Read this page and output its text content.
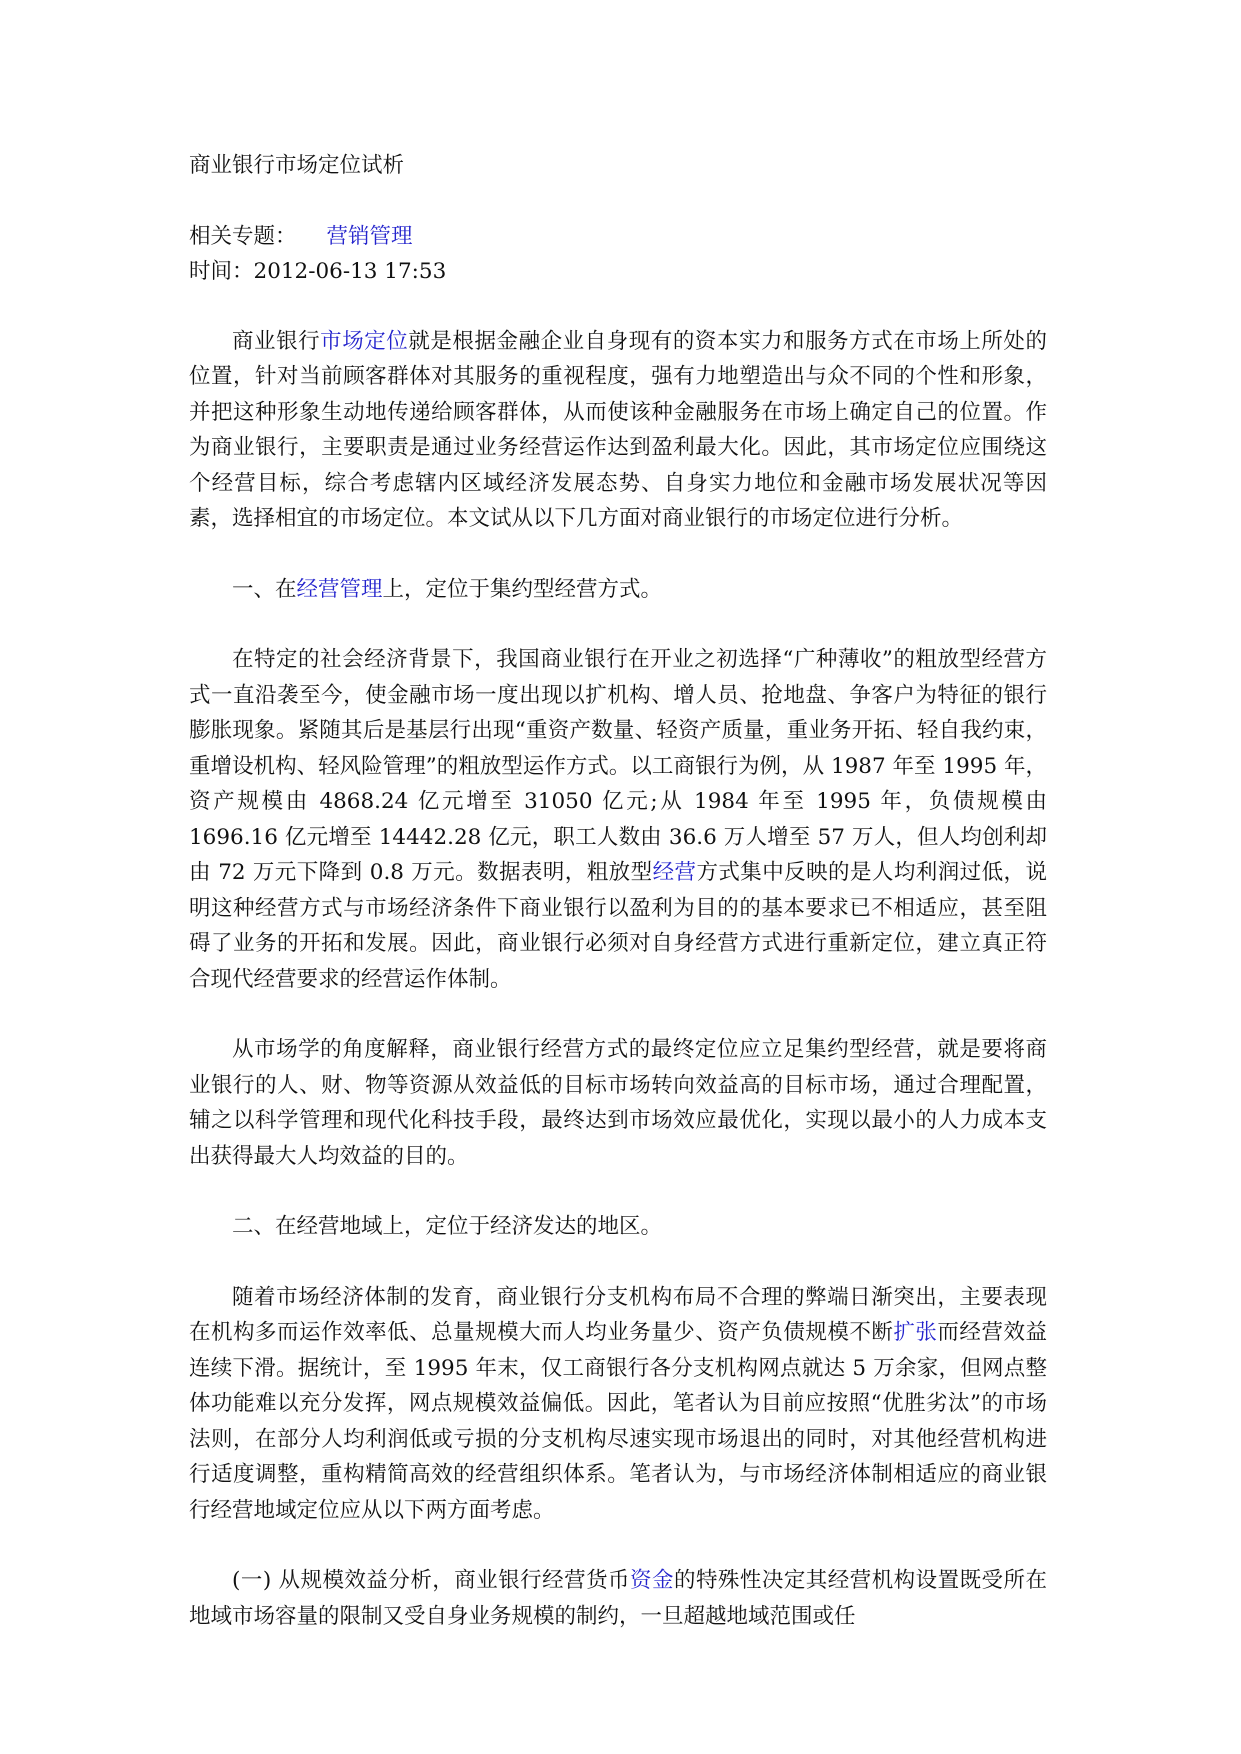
商业银行市场定位试析
相关专题： 营销管理
时间：2012-06-13 17:53

商业银行市场定位就是根据金融企业自身现有的资本实力和服务方式在市场上所处的位置，针对当前顾客群体对其服务的重视程度，强有力地塑造出与众不同的个性和形象，并把这种形象生动地传递给顾客群体，从而使该种金融服务在市场上确定自己的位置。作为商业银行，主要职责是通过业务经营运作达到盈利最大化。因此，其市场定位应围绕这个经营目标，综合考虑辖内区域经济发展态势、自身实力地位和金融市场发展状况等因素，选择相宜的市场定位。本文试从以下几方面对商业银行的市场定位进行分析。

一、在经营管理上，定位于集约型经营方式。

在特定的社会经济背景下，我国商业银行在开业之初选择“广种薄收”的粗放型经营方式一直沿袭至今，使金融市场一度出现以扩机构、增人员、抢地盘、争客户为特征的银行膨胀现象。紧随其后是基层行出现“重资产数量、轻资产质量，重业务开拓、轻自我约束，重增设机构、轻风险管理”的粗放型运作方式。以工商银行为例，从 1987 年至 1995 年，资产规模由 4868.24 亿元增至 31050 亿元;从 1984 年至 1995 年，负债规模由 1696.16 亿元增至 14442.28 亿元，职工人数由 36.6 万人增至 57 万人，但人均创利却由 72 万元下降到 0.8 万元。数据表明，粗放型经营方式集中反映的是人均利润过低，说明这种经营方式与市场经济条件下商业银行以盈利为目的的基本要求已不相适应，甚至阻碍了业务的开拓和发展。因此，商业银行必须对自身经营方式进行重新定位，建立真正符合现代经营要求的经营运作体制。

从市场学的角度解释，商业银行经营方式的最终定位应立足集约型经营，就是要将商业银行的人、财、物等资源从效益低的目标市场转向效益高的目标市场，通过合理配置，辅之以科学管理和现代化科技手段，最终达到市场效应最优化，实现以最小的人力成本支出获得最大人均效益的目的。

二、在经营地域上，定位于经济发达的地区。

随着市场经济体制的发育，商业银行分支机构布局不合理的弊端日渐突出，主要表现在机构多而运作效率低、总量规模大而人均业务量少、资产负债规模不断扩张而经营效益连续下滑。据统计，至 1995 年末，仅工商银行各分支机构网点就达 5 万余家，但网点整体功能难以充分发挥，网点规模效益偏低。因此，笔者认为目前应按照“优胜劣汰”的市场法则，在部分人均利润低或亏损的分支机构尽速实现市场退出的同时，对其他经营机构进行适度调整，重构精简高效的经营组织体系。笔者认为，与市场经济体制相适应的商业银行经营地域定位应从以下两方面考虑。

(一) 从规模效益分析，商业银行经营货币资金的特殊性决定其经营机构设置既受所在地域市场容量的限制又受自身业务规模的制约，一旦超越地域范围或任
